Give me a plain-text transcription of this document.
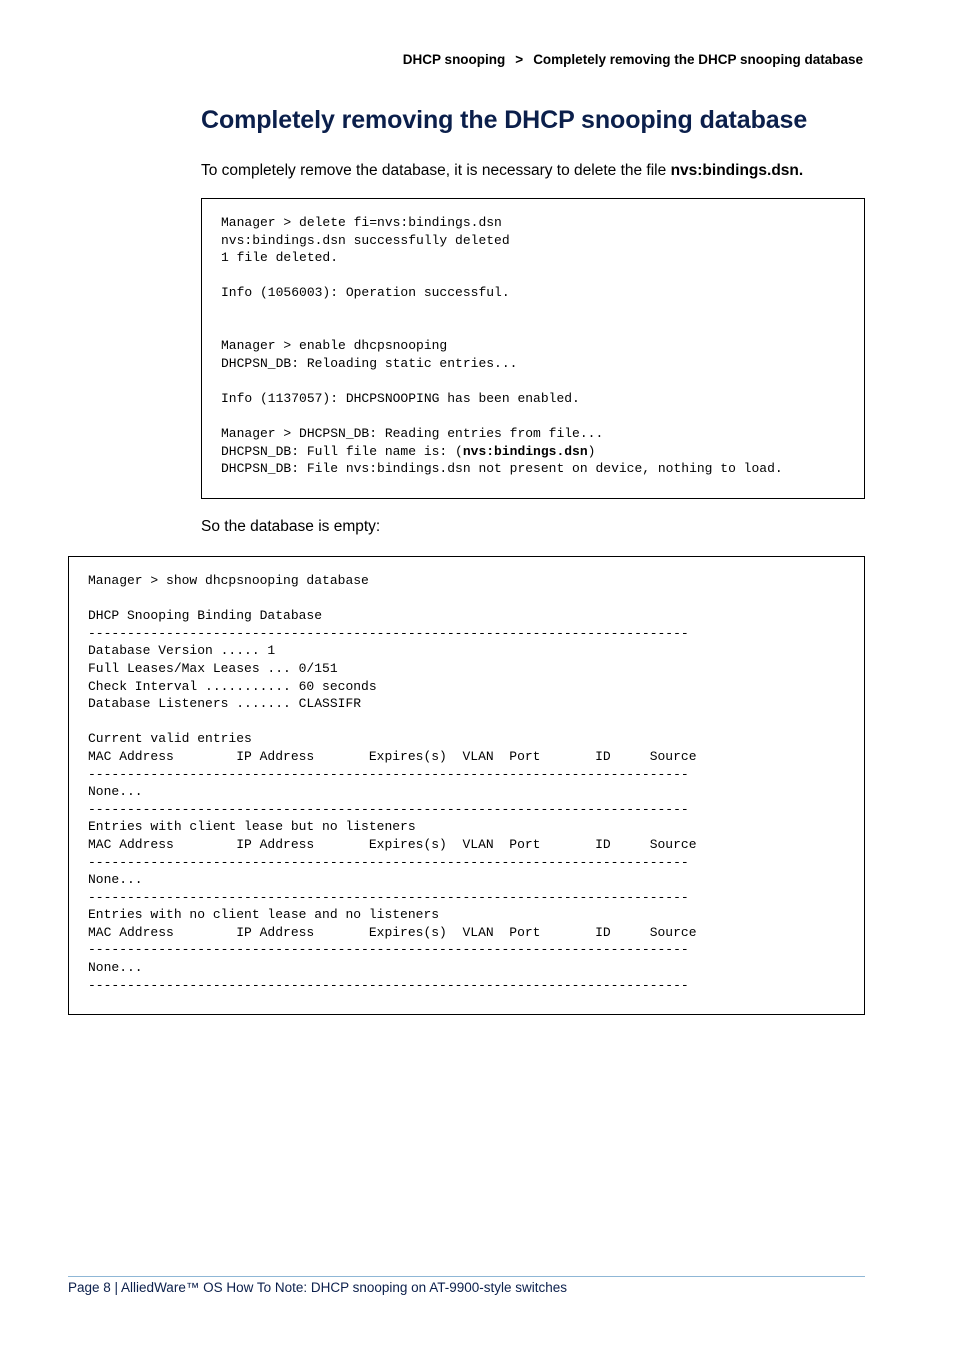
DHCP snooping > Completely removing the DHCP snooping database
Completely removing the DHCP snooping database

To completely remove the database, it is necessary to delete the file nvs:bindings.dsn.

Manager > delete fi=nvs:bindings.dsn
nvs:bindings.dsn successfully deleted
1 file deleted.
Info (1056003): Operation successful.
Manager > enable dhcpsnooping
DHCPSN_DB: Reloading static entries...
Info (1137057): DHCPSNOOPING has been enabled.
Manager > DHCPSN_DB: Reading entries from file...
DHCPSN_DB: Full file name is: (nvs:bindings.dsn)
DHCPSN_DB: File nvs:bindings.dsn not present on device, nothing to load.

So the database is empty:

Manager > show dhcpsnooping database
DHCP Snooping Binding Database
-----------------------------------------------------------------------------
Database Version ..... 1
Full Leases/Max Leases ... 0/151
Check Interval ........... 60 seconds
Database Listeners ....... CLASSIFR
Current valid entries
MAC Address        IP Address       Expires(s)  VLAN  Port       ID     Source
-----------------------------------------------------------------------------
None...
-----------------------------------------------------------------------------
Entries with client lease but no listeners
MAC Address        IP Address       Expires(s)  VLAN  Port       ID     Source
-----------------------------------------------------------------------------
None...
-----------------------------------------------------------------------------
Entries with no client lease and no listeners
MAC Address        IP Address       Expires(s)  VLAN  Port       ID     Source
-----------------------------------------------------------------------------
None...
-----------------------------------------------------------------------------
Page 8 | AlliedWare™ OS How To Note: DHCP snooping on AT-9900-style switches
